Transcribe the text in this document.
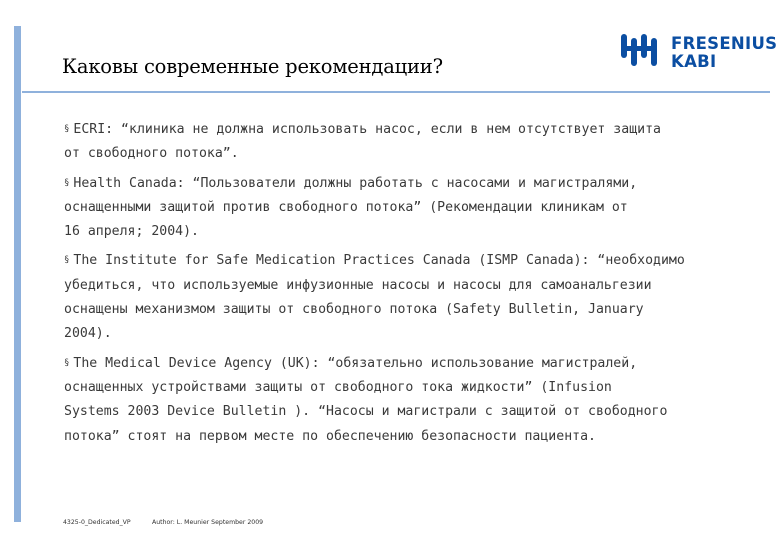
Каковы современные рекомендации?
FRESENIUS
KABI
§ ECRI: “клиника не должна использовать насос, если в нем отсутствует защита
от свободного потока”.
§ Health Canada: “Пользователи должны работать с насосами и магистралями,
оснащенными защитой против свободного потока” (Рекомендации клиникам от
16 апреля; 2004).
§ The Institute for Safe Medication Practices Canada (ISMP Canada): “необходимо
убедиться, что используемые инфузионные насосы и насосы для самоанальгезии
оснащены механизмом защиты от свободного потока (Safety Bulletin, January
2004).
§ The Medical Device Agency (UK): “обязательно использование магистралей,
оснащенных устройствами защиты от свободного тока жидкости” (Infusion
Systems 2003 Device Bulletin ). “Насосы и магистрали с защитой от свободного
потока” стоят на первом месте по обеспечению безопасности пациента.
4325-0_Dedicated_VP	Author: L. Meunier September 2009
